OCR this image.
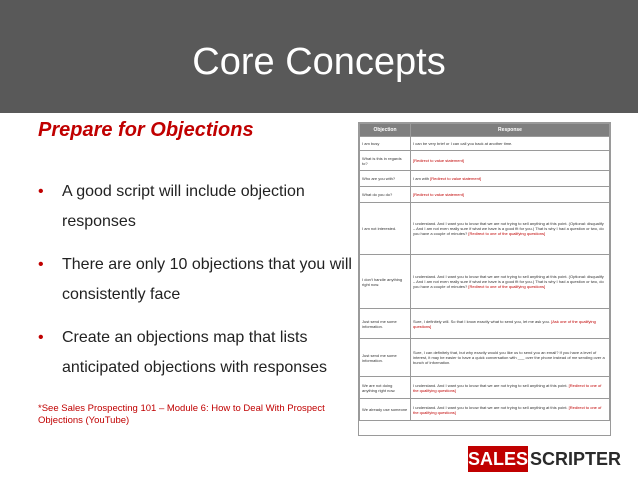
Core Concepts
Prepare for Objections
• A good script will include objection responses
• There are only 10 objections that you will consistently face
• Create an objections map that lists anticipated objections with responses
*See Sales Prospecting 101 – Module 6: How to Deal With Prospect Objections (YouTube)
Objection	Response
I am busy	I can be very brief or I can call you back at another time.
What is this in regards to?	[Redirect to value statement]
Who are you with?	I am with [Redirect to value statement]
What do you do?	[Redirect to value statement]
I am not interested.	I understand. And I want you to know that we are not trying to sell anything at this point. (Optional: disqualify – And I am not even really sure if what we have is a good fit for you.) That is why I had a question or two, do you have a couple of minutes? [Redirect to one of the qualifying questions]
I don't handle anything right now.	I understand. And I want you to know that we are not trying to sell anything at this point. (Optional: disqualify – And I am not even really sure if what we have is a good fit for you.) That is why I had a question or two, do you have a couple of minutes? [Redirect to one of the qualifying questions]
Just send me some information.	Sure, I definitely will. So that I know exactly what to send you, let me ask you. [Ask one of the qualifying questions]
Just send me some information.	Sure, I can definitely that, but why exactly would you like us to send you an email? If you have a level of interest, it may be easier to have a quick conversation with ___ over the phone instead of me sending over a bunch of information.
We are not doing anything right now.	I understand. And I want you to know that we are not trying to sell anything at this point. [Redirect to one of the qualifying questions]
We already use someone	I understand. And I want you to know that we are not trying to sell anything at this point. [Redirect to one of the qualifying questions]
SALES SCRIPTER
